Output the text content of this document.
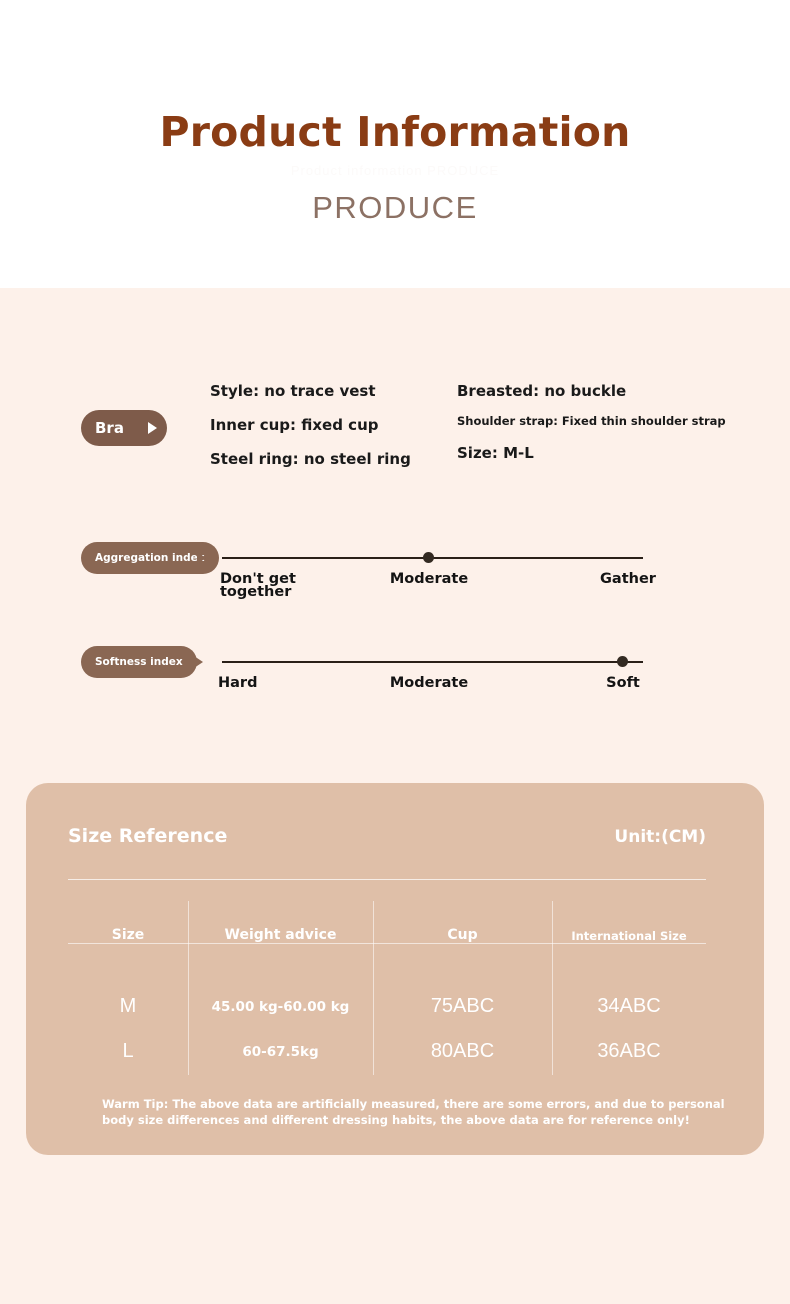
Product Information
Product information PRODUCE
PRODUCE
Bra
Style: no trace vest
Inner cup: fixed cup
Steel ring: no steel ring
Breasted: no buckle
Shoulder strap: Fixed thin shoulder strap
Size: M-L
Aggregation index
Don't get together
Moderate	Gather
Softness index
Hard	Moderate	Soft
Size Reference	Unit:(CM)
Size	Weight advice	Cup	International Size
M	45.00 kg-60.00 kg	75ABC	34ABC
L	60-67.5kg	80ABC	36ABC
Warm Tip: The above data are artificially measured, there are some errors, and due to personal body size differences and different dressing habits, the above data are for reference only!
